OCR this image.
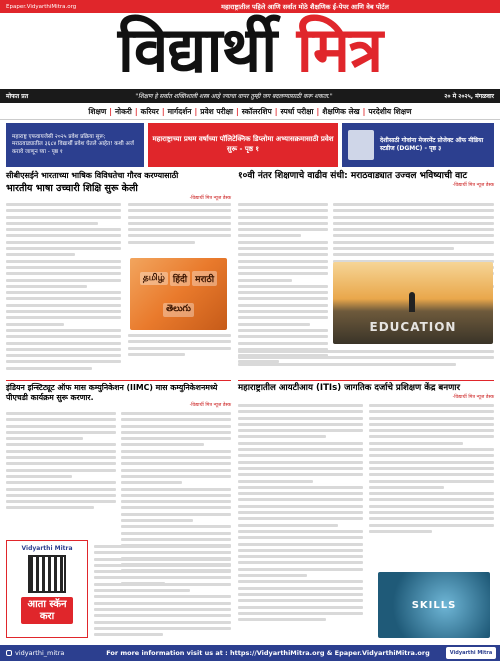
Epaper.VidyarthiMitra.org	महाराष्ट्रातील पहिले आणि सर्वात मोठे शैक्षणिक ई-पेपर आणि वेब पोर्टल
विद्यार्थी मित्र
मोफत प्रत	"शिक्षण हे सर्वात शक्तिशाली शस्त्र आहे ज्याचा वापर तुम्ही जग बदलण्यासाठी करू शकता."	२० मे २०२५, मंगळवार
शिक्षण | नोकरी | करियर | मार्गदर्शन | प्रवेश परीक्षा | स्कॉलरशिप | स्पर्धा परीक्षा | शैक्षणिक लेख | परदेशीय शिक्षण
महाराष्ट्र एफवायजेसी २०२५ प्रवेश प्रक्रिया सुरू; मराठवाड्यातील ३६८४ विद्यार्थी प्रवेश घेतले आहेत! कशी अर्ज करावे जाणून घ्या - पृष्ठ १
महाराष्ट्राच्या प्रथम वर्षाच्या पॉलिटेक्निक डिप्लोमा अभ्यासक्रमासाठी प्रवेश सुरू - पृष्ठ १
देशीसाठी गोवांना मेजरमेंट प्रोजेक्ट ऑफ मीडिया स्टडीज (DGMC) - पृष्ठ ३
सीबीएसईने भारताच्या भाषिक विविधतेचा गौरव करण्यासाठी
भारतीय भाषा उच्चारी शिक्षि सुरू केली
-विद्यार्थी मित्र न्यूज डेस्क
தமிழ் हिंदी मराठी
తెలుగు
इंडियन इन्स्टिट्यूट ऑफ मास कम्युनिकेशन (IIMC) मास कम्युनिकेशनमध्ये पीएचडी कार्यक्रम सुरू करणार.
-विद्यार्थी मित्र न्यूज डेस्क
Vidyarthi Mitra
आता स्कॅन
करा
१०वी नंतर शिक्षणाचे वाढीव संधी: मराठवाड्यात उज्वल भविष्याची वाट
-विद्यार्थी मित्र न्यूज डेस्क
EDUCATION
महाराष्ट्रातील आयटीआय (ITIs) जागतिक दर्जाचे प्रशिक्षण केंद्र बनणार
-विद्यार्थी मित्र न्यूज डेस्क
SKILLS
vidyarthi_mitra	For more information visit us at : https://VidyarthiMitra.org & Epaper.VidyarthiMitra.org	Vidyarthi Mitra
